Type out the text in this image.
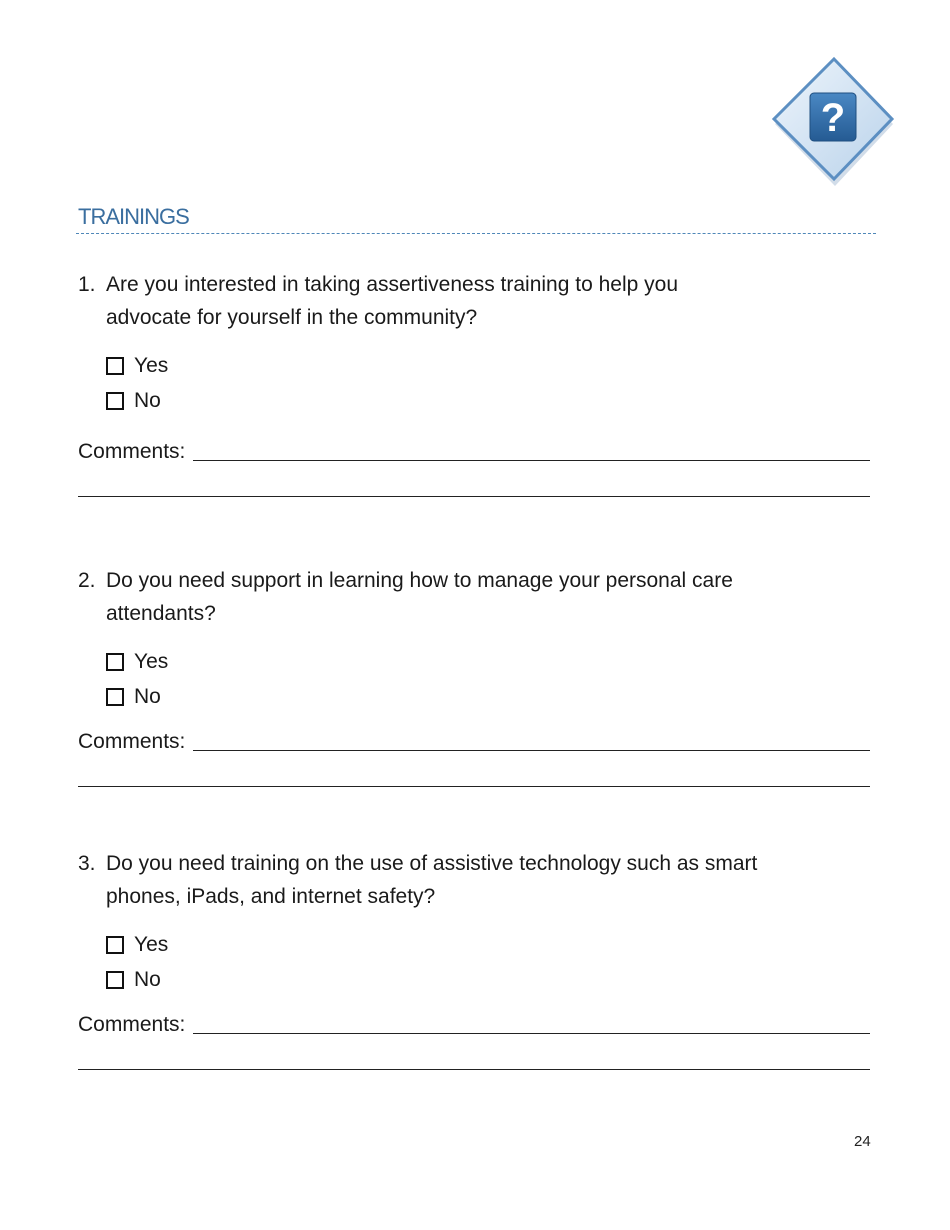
?
TRAININGS
1. Are you interested in taking assertiveness training to help you
advocate for yourself in the community?
Yes
No
Comments:
2. Do you need support in learning how to manage your personal care
attendants?
Yes
No
Comments:
3. Do you need training on the use of assistive technology such as smart
phones, iPads, and internet safety?
Yes
No
Comments:
24
